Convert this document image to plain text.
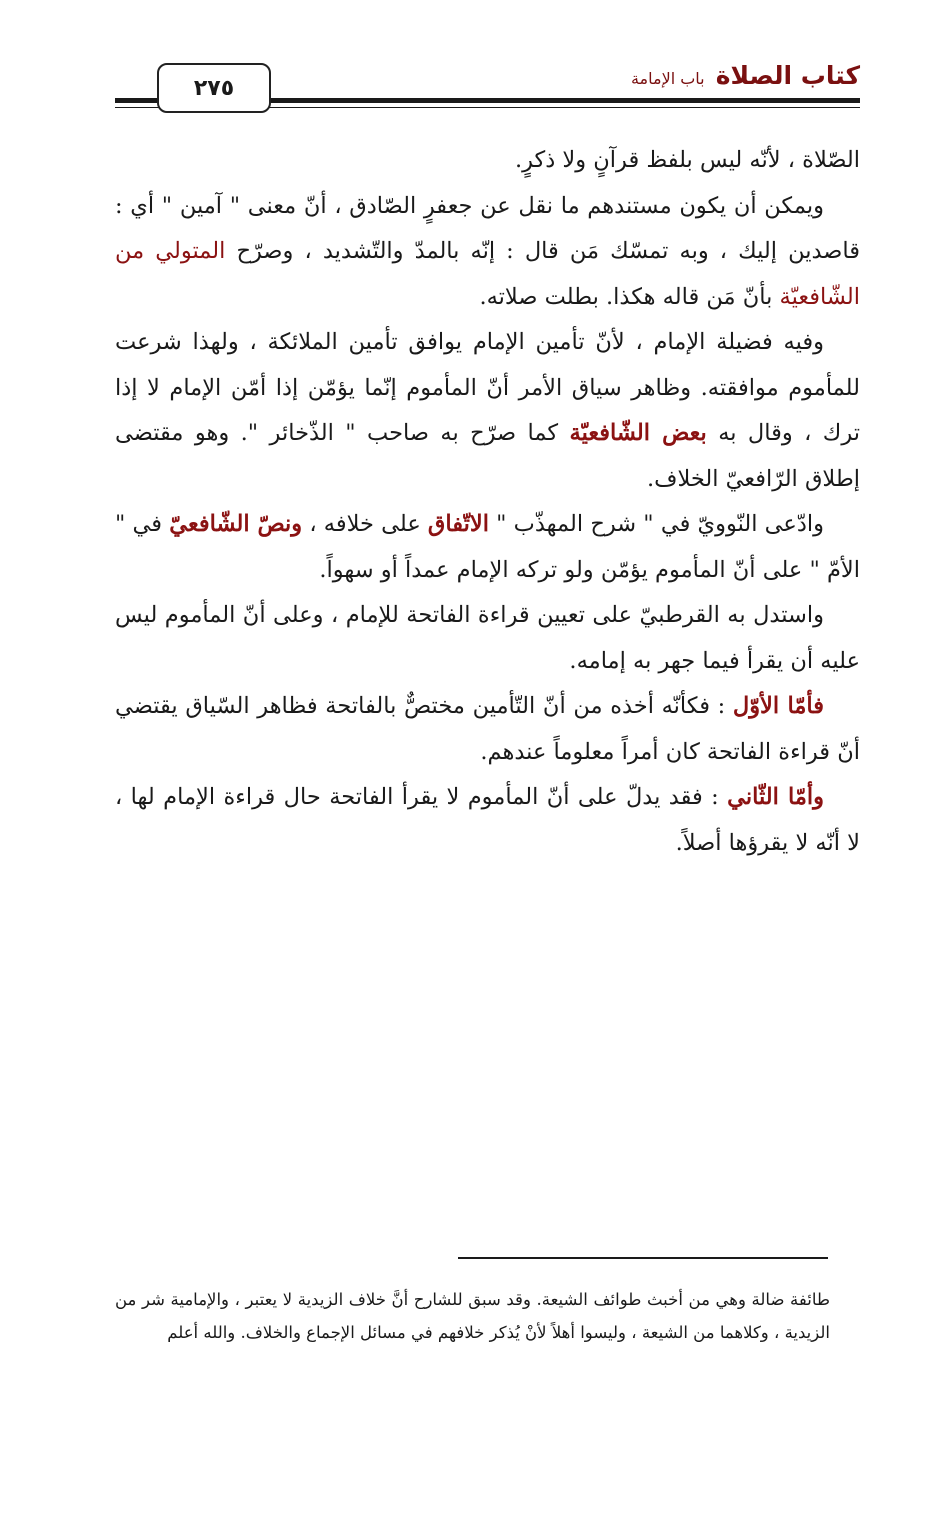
كتاب الصلاة باب الإمامة
٢٧٥

الصّلاة ، لأنّه ليس بلفظ قرآنٍ ولا ذكرٍ.

ويمكن أن يكون مستندهم ما نقل عن جعفرٍ الصّادق ، أنّ معنى " آمين " أي : قاصدين إليك ، وبه تمسّك مَن قال : إنّه بالمدّ والتّشديد ، وصرّح المتولي من الشّافعيّة بأنّ مَن قاله هكذا. بطلت صلاته.

وفيه فضيلة الإمام ، لأنّ تأمين الإمام يوافق تأمين الملائكة ، ولهذا شرعت للمأموم موافقته. وظاهر سياق الأمر أنّ المأموم إنّما يؤمّن إذا أمّن الإمام لا إذا ترك ، وقال به بعض الشّافعيّة كما صرّح به صاحب " الذّخائر ". وهو مقتضى إطلاق الرّافعيّ الخلاف.

وادّعى النّوويّ في " شرح المهذّب " الاتّفاق على خلافه ، ونصّ الشّافعيّ في " الأمّ " على أنّ المأموم يؤمّن ولو تركه الإمام عمداً أو سهواً.

واستدل به القرطبيّ على تعيين قراءة الفاتحة للإمام ، وعلى أنّ المأموم ليس عليه أن يقرأ فيما جهر به إمامه.

فأمّا الأوّل : فكأنّه أخذه من أنّ التّأمين مختصٌّ بالفاتحة فظاهر السّياق يقتضي أنّ قراءة الفاتحة كان أمراً معلوماً عندهم.

وأمّا الثّاني : فقد يدلّ على أنّ المأموم لا يقرأ الفاتحة حال قراءة الإمام لها ، لا أنّه لا يقرؤها أصلاً.

طائفة ضالة وهي من أخبث طوائف الشيعة. وقد سبق للشارح أنَّ خلاف الزيدية لا يعتبر ، والإمامية شر من الزيدية ، وكلاهما من الشيعة ، وليسوا أهلاً لأنْ يُذكر خلافهم في مسائل الإجماع والخلاف. والله أعلم
